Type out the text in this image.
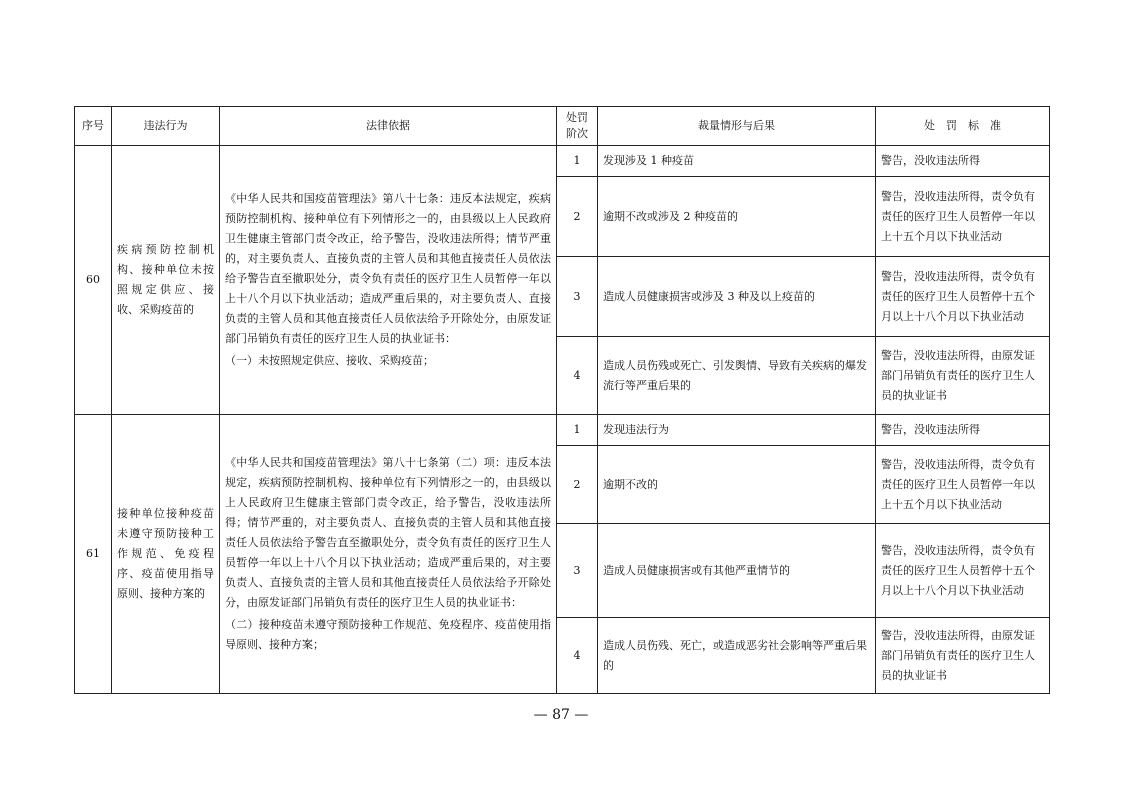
序号	违法行为	法律依据	处罚阶次	裁量情形与后果	处　罚　标　准
60	疾病预防控制机构、接种单位未按照规定供应、接收、采购疫苗的	《中华人民共和国疫苗管理法》第八十七条：违反本法规定，疾病预防控制机构、接种单位有下列情形之一的，由县级以上人民政府卫生健康主管部门责令改正，给予警告，没收违法所得；情节严重的，对主要负责人、直接负责的主管人员和其他直接责任人员依法给予警告直至撤职处分，责令负有责任的医疗卫生人员暂停一年以上十八个月以下执业活动；造成严重后果的，对主要负责人、直接负责的主管人员和其他直接责任人员依法给予开除处分，由原发证部门吊销负有责任的医疗卫生人员的执业证书：

（一）未按照规定供应、接收、采购疫苗；	1	发现涉及 1 种疫苗	警告，没收违法所得
			2	逾期不改或涉及 2 种疫苗的	警告，没收违法所得，责令负有责任的医疗卫生人员暂停一年以上十五个月以下执业活动
			3	造成人员健康损害或涉及 3 种及以上疫苗的	警告，没收违法所得，责令负有责任的医疗卫生人员暂停十五个月以上十八个月以下执业活动
			4	造成人员伤残或死亡、引发舆情、导致有关疾病的爆发流行等严重后果的	警告，没收违法所得，由原发证部门吊销负有责任的医疗卫生人员的执业证书
61	接种单位接种疫苗未遵守预防接种工作规范、免疫程序、疫苗使用指导原则、接种方案的	《中华人民共和国疫苗管理法》第八十七条第（二）项：违反本法规定，疾病预防控制机构、接种单位有下列情形之一的，由县级以上人民政府卫生健康主管部门责令改正，给予警告，没收违法所得；情节严重的，对主要负责人、直接负责的主管人员和其他直接责任人员依法给予警告直至撤职处分，责令负有责任的医疗卫生人员暂停一年以上十八个月以下执业活动；造成严重后果的，对主要负责人、直接负责的主管人员和其他直接责任人员依法给予开除处分，由原发证部门吊销负有责任的医疗卫生人员的执业证书：

（二）接种疫苗未遵守预防接种工作规范、免疫程序、疫苗使用指导原则、接种方案；	1	发现违法行为	警告，没收违法所得
			2	逾期不改的	警告，没收违法所得，责令负有责任的医疗卫生人员暂停一年以上十五个月以下执业活动
			3	造成人员健康损害或有其他严重情节的	警告，没收违法所得，责令负有责任的医疗卫生人员暂停十五个月以上十八个月以下执业活动
			4	造成人员伤残、死亡，或造成恶劣社会影响等严重后果的	警告，没收违法所得，由原发证部门吊销负有责任的医疗卫生人员的执业证书
— 87 —
